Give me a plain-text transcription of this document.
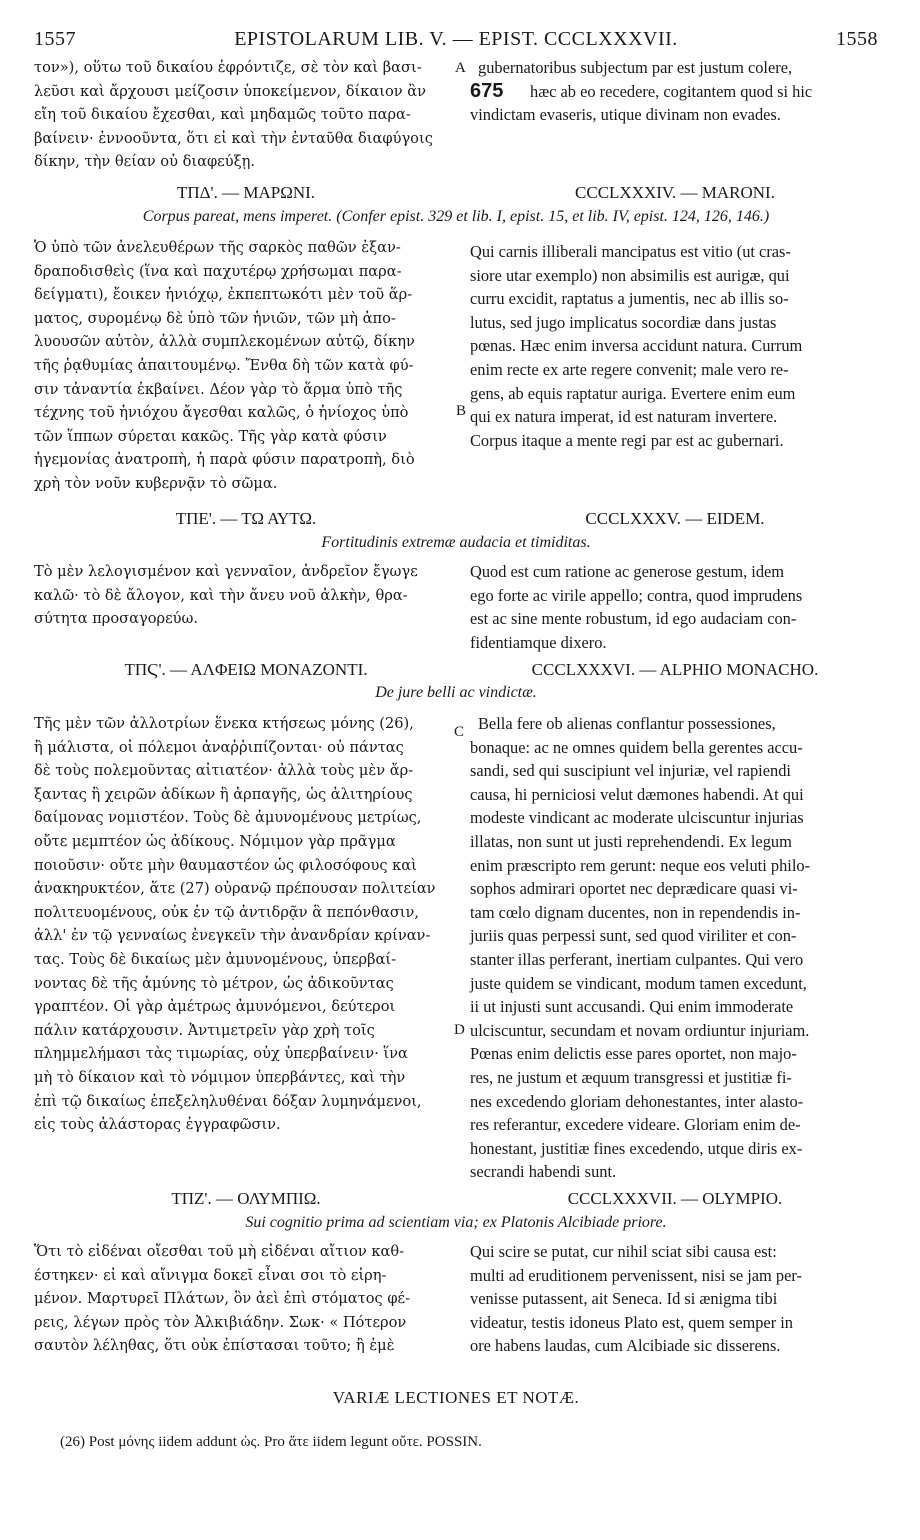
1557	EPISTOLARUM LIB. V. — EPIST. CCCLXXXVII.	1558
τον»), οὕτω τοῦ δικαίου ἐφρόντιζε, σὲ τὸν καὶ βασι-
λεῦσι καὶ ἄρχουσι μείζοσιν ὑποκείμενον, δίκαιον ἂν
εἴη τοῦ δικαίου ἔχεσθαι, καὶ μηδαμῶς τοῦτο παρα-
βαίνειν· ἐννοοῦντα, ὅτι εἰ καὶ τὴν ἐνταῦθα διαφύγοις
δίκην, τὴν θείαν οὐ διαφεύξῃ.
A
675
gubernatoribus subjectum par est justum colere,
hæc ab eo recedere, cogitantem quod si hic
vindictam evaseris, utique divinam non evades.
ΤΠΔ'. — ΜΑΡΩΝΙ.	CCCLXXXIV. — MARONI.
Corpus pareat, mens imperet. (Confer epist. 329 et lib. I, epist. 15, et lib. IV, epist. 124, 126, 146.)
Ὁ ὑπὸ τῶν ἀνελευθέρων τῆς σαρκὸς παθῶν ἐξαν-
δραποδισθεὶς (ἵνα καὶ παχυτέρῳ χρήσωμαι παρα-
δείγματι), ἔοικεν ἡνιόχῳ, ἐκπεπτωκότι μὲν τοῦ ἅρ-
ματος, συρομένῳ δὲ ὑπὸ τῶν ἡνιῶν, τῶν μὴ ἀπο-
λυουσῶν αὐτὸν, ἀλλὰ συμπλεκομένων αὐτῷ, δίκην
τῆς ῥᾳθυμίας ἀπαιτουμένῳ. Ἔνθα δὴ τῶν κατὰ φύ-
σιν τἀναντία ἐκβαίνει. Δέον γὰρ τὸ ἅρμα ὑπὸ τῆς
τέχνης τοῦ ἡνιόχου ἄγεσθαι καλῶς, ὁ ἡνίοχος ὑπὸ
τῶν ἵππων σύρεται κακῶς. Τῆς γὰρ κατὰ φύσιν
ἡγεμονίας ἀνατροπὴ, ἡ παρὰ φύσιν παρατροπὴ, διὸ
χρὴ τὸν νοῦν κυβερνᾷν τὸ σῶμα.
B
Qui carnis illiberali mancipatus est vitio (ut cras-
siore utar exemplo) non absimilis est aurigæ, qui
curru excidit, raptatus a jumentis, nec ab illis so-
lutus, sed jugo implicatus socordiæ dans justas
pœnas. Hæc enim inversa accidunt natura. Currum
enim recte ex arte regere convenit; male vero re-
gens, ab equis raptatur auriga. Evertere enim eum
qui ex natura imperat, id est naturam invertere.
Corpus itaque a mente regi par est ac gubernari.
ΤΠΕ'. — ΤΩ ΑΥΤΩ.	CCCLXXXV. — EIDEM.
Fortitudinis extremæ audacia et timiditas.
Τὸ μὲν λελογισμένον καὶ γενναῖον, ἀνδρεῖον ἔγωγε
καλῶ· τὸ δὲ ἄλογον, καὶ τὴν ἄνευ νοῦ ἀλκὴν, θρα-
σύτητα προσαγορεύω.
Quod est cum ratione ac generose gestum, idem
ego forte ac virile appello; contra, quod imprudens
est ac sine mente robustum, id ego audaciam con-
fidentiamque dixero.
ΤΠϚ'. — ΑΛΦΕΙΩ ΜΟΝΑΖΟΝΤΙ.	CCCLXXXVI. — ALPHIO MONACHO.
De jure belli ac vindictæ.
Τῆς μὲν τῶν ἀλλοτρίων ἕνεκα κτήσεως μόνης (26),
ἢ μάλιστα, οἱ πόλεμοι ἀναῤῥιπίζονται· οὐ πάντας
δὲ τοὺς πολεμοῦντας αἰτιατέον· ἀλλὰ τοὺς μὲν ἄρ-
ξαντας ἢ χειρῶν ἀδίκων ἢ ἁρπαγῆς, ὡς ἀλιτηρίους
δαίμονας νομιστέον. Τοὺς δὲ ἀμυνομένους μετρίως,
οὔτε μεμπτέον ὡς ἀδίκους. Νόμιμον γὰρ πρᾶγμα
ποιοῦσιν· οὔτε μὴν θαυμαστέον ὡς φιλοσόφους καὶ
ἀνακηρυκτέον, ἅτε (27) οὐρανῷ πρέπουσαν πολιτείαν
πολιτευομένους, οὐκ ἐν τῷ ἀντιδρᾷν ἃ πεπόνθασιν,
ἀλλ' ἐν τῷ γενναίως ἐνεγκεῖν τὴν ἀνανδρίαν κρίναν-
τας. Τοὺς δὲ δικαίως μὲν ἀμυνομένους, ὑπερβαί-
νοντας δὲ τῆς ἀμύνης τὸ μέτρον, ὡς ἀδικοῦντας
γραπτέον. Οἱ γὰρ ἀμέτρως ἀμυνόμενοι, δεύτεροι
πάλιν κατάρχουσιν. Ἀντιμετρεῖν γὰρ χρὴ τοῖς
πλημμελήμασι τὰς τιμωρίας, οὐχ ὑπερβαίνειν· ἵνα
μὴ τὸ δίκαιον καὶ τὸ νόμιμον ὑπερβάντες, καὶ τὴν
ἐπὶ τῷ δικαίως ἐπεξεληλυθέναι δόξαν λυμηνάμενοι,
εἰς τοὺς ἀλάστορας ἐγγραφῶσιν.
C
D
Bella fere ob alienas conflantur possessiones,
bonaque: ac ne omnes quidem bella gerentes accu-
sandi, sed qui suscipiunt vel injuriæ, vel rapiendi
causa, hi perniciosi velut dæmones habendi. At qui
modeste vindicant ac moderate ulciscuntur injurias
illatas, non sunt ut justi reprehendendi. Ex legum
enim præscripto rem gerunt: neque eos veluti philo-
sophos admirari oportet nec deprædicare quasi vi-
tam cœlo dignam ducentes, non in rependendis in-
juriis quas perpessi sunt, sed quod viriliter et con-
stanter illas perferant, inertiam culpantes. Qui vero
juste quidem se vindicant, modum tamen excedunt,
ii ut injusti sunt accusandi. Qui enim immoderate
ulciscuntur, secundam et novam ordiuntur injuriam.
Pœnas enim delictis esse pares oportet, non majo-
res, ne justum et æquum transgressi et justitiæ fi-
nes excedendo gloriam dehonestantes, inter alasto-
res referantur, excedere videare. Gloriam enim de-
honestant, justitiæ fines excedendo, utque diris ex-
secrandi habendi sunt.
ΤΠΖ'. — ΟΛΥΜΠΙΩ.	CCCLXXXVII. — OLYMPIO.
Sui cognitio prima ad scientiam via; ex Platonis Alcibiade priore.
Ὅτι τὸ εἰδέναι οἴεσθαι τοῦ μὴ εἰδέναι αἴτιον καθ-
έστηκεν· εἰ καὶ αἴνιγμα δοκεῖ εἶναι σοι τὸ εἰρη-
μένον. Μαρτυρεῖ Πλάτων, ὃν ἀεὶ ἐπὶ στόματος φέ-
ρεις, λέγων πρὸς τὸν Ἀλκιβιάδην. Σωκ· « Πότερον
σαυτὸν λέληθας, ὅτι οὐκ ἐπίστασαι τοῦτο; ἢ ἐμὲ
Qui scire se putat, cur nihil sciat sibi causa est:
multi ad eruditionem pervenissent, nisi se jam per-
venisse putassent, ait Seneca. Id si ænigma tibi
videatur, testis idoneus Plato est, quem semper in
ore habens laudas, cum Alcibiade sic disserens.
VARIÆ LECTIONES ET NOTÆ.
(26) Post μόνης iidem addunt ὡς. Pro ἅτε iidem legunt οὔτε. POSSIN.
